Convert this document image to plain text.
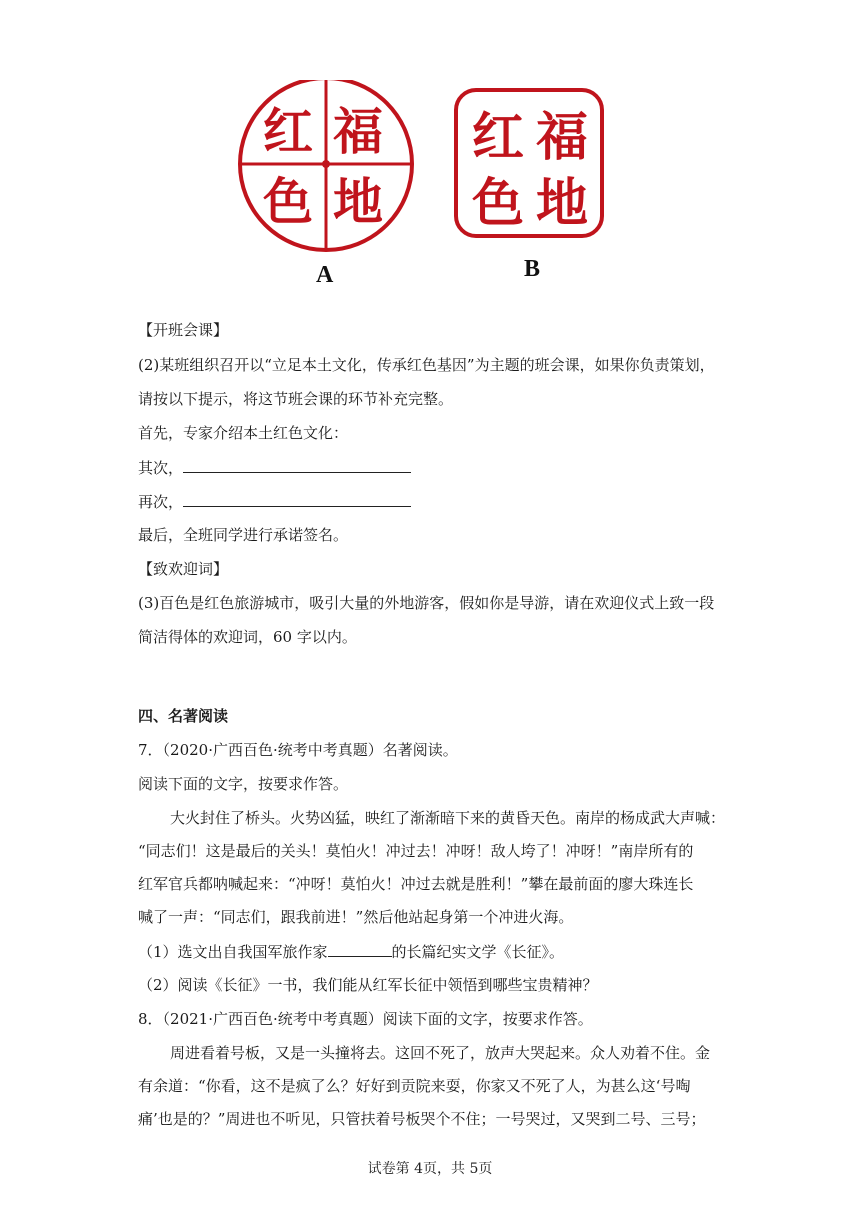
红 福
色 地
A
红 福
色 地
B
【开班会课】
(2)某班组织召开以“立足本土文化，传承红色基因”为主题的班会课，如果你负责策划，
请按以下提示，将这节班会课的环节补充完整。
首先，专家介绍本土红色文化：
其次，
再次，
最后，全班同学进行承诺签名。
【致欢迎词】
(3)百色是红色旅游城市，吸引大量的外地游客，假如你是导游，请在欢迎仪式上致一段
简洁得体的欢迎词，60 字以内。
四、名著阅读
7．（2020·广西百色·统考中考真题）名著阅读。
阅读下面的文字，按要求作答。
大火封住了桥头。火势凶猛，映红了渐渐暗下来的黄昏天色。南岸的杨成武大声喊：
“同志们！这是最后的关头！莫怕火！冲过去！冲呀！敌人垮了！冲呀！”南岸所有的
红军官兵都呐喊起来：“冲呀！莫怕火！冲过去就是胜利！”攀在最前面的廖大珠连长
喊了一声：“同志们，跟我前进！”然后他站起身第一个冲进火海。
（1）选文出自我国军旅作家	的长篇纪实文学《长征》。
（2）阅读《长征》一书，我们能从红军长征中领悟到哪些宝贵精神？
8．（2021·广西百色·统考中考真题）阅读下面的文字，按要求作答。
周进看着号板，又是一头撞将去。这回不死了，放声大哭起来。众人劝着不住。金
有余道：“你看，这不是疯了么？好好到贡院来耍，你家又不死了人，为甚么这‘号啕
痛’也是的？”周进也不听见，只管扶着号板哭个不住；一号哭过，又哭到二号、三号；
试卷第 4页，共 5页
